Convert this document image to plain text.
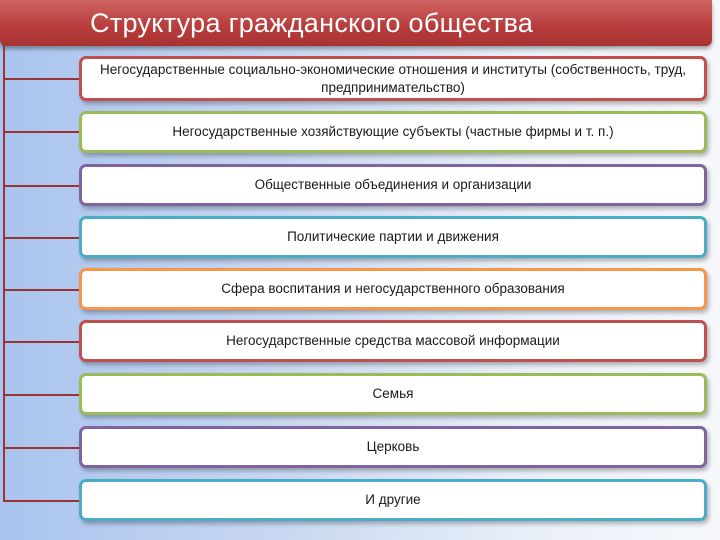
Структура гражданского общества
Негосударственные социально-экономические отношения и институты (собственность, труд, предпринимательство)
Негосударственные хозяйствующие субъекты (частные фирмы и т. п.)
Общественные объединения и организации
Политические партии и движения
Сфера воспитания и негосударственного образования
Негосударственные средства массовой информации
Семья
Церковь
И другие
